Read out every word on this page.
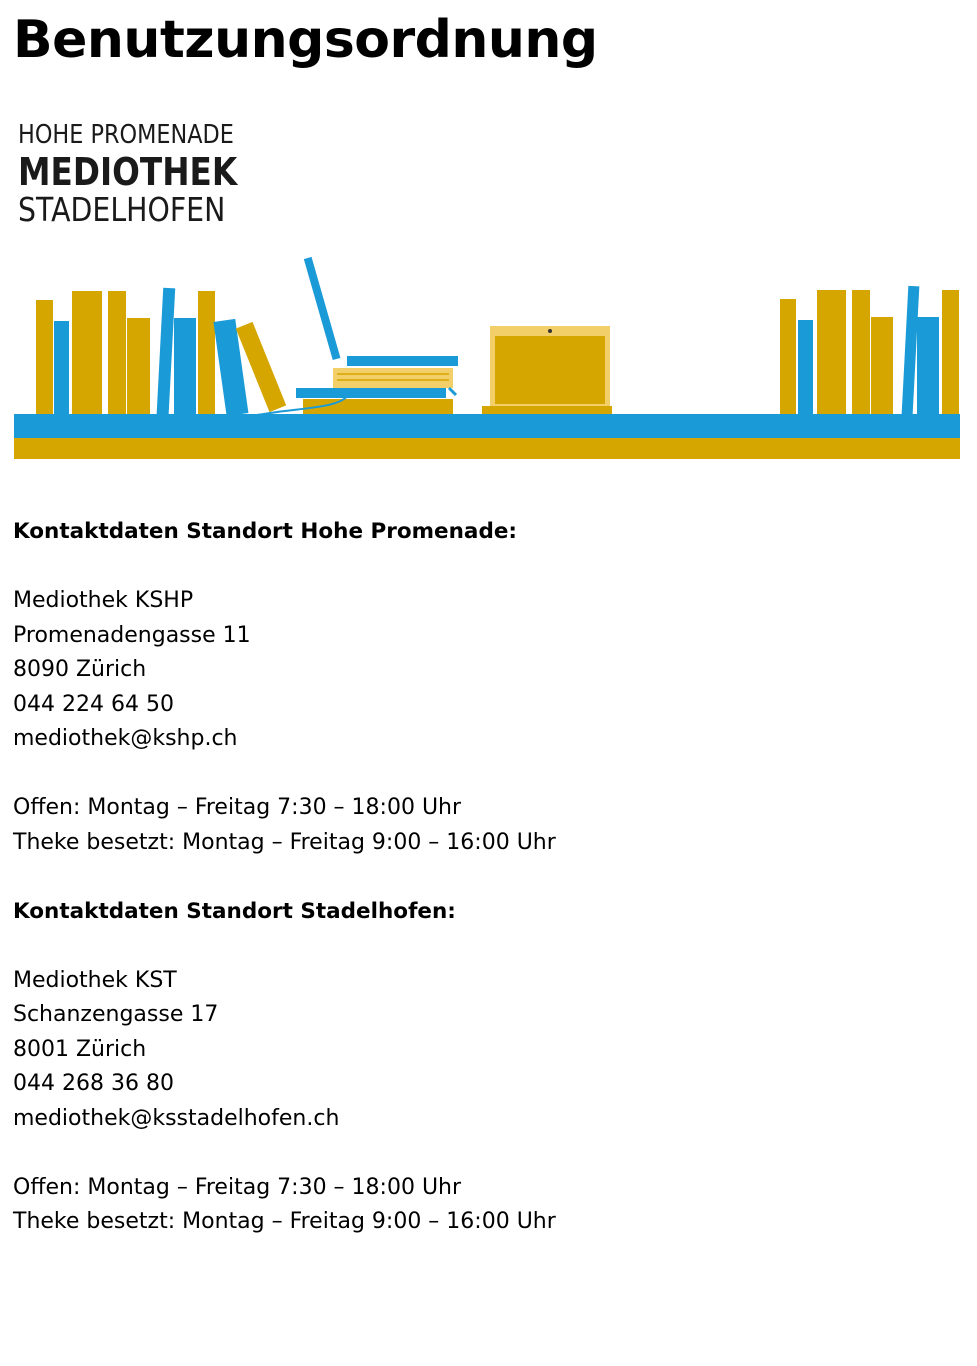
Benutzungsordnung
HOHE PROMENADE
MEDIOTHEK
STADELHOFEN
Kontaktdaten Standort Hohe Promenade:
Mediothek KSHP
Promenadengasse 11
8090 Zürich
044 224 64 50
mediothek@kshp.ch
Offen: Montag – Freitag 7:30 – 18:00 Uhr
Theke besetzt: Montag – Freitag 9:00 – 16:00 Uhr
Kontaktdaten Standort Stadelhofen:
Mediothek KST
Schanzengasse 17
8001 Zürich
044 268 36 80
mediothek@ksstadelhofen.ch
Offen: Montag – Freitag 7:30 – 18:00 Uhr
Theke besetzt: Montag – Freitag 9:00 – 16:00 Uhr
